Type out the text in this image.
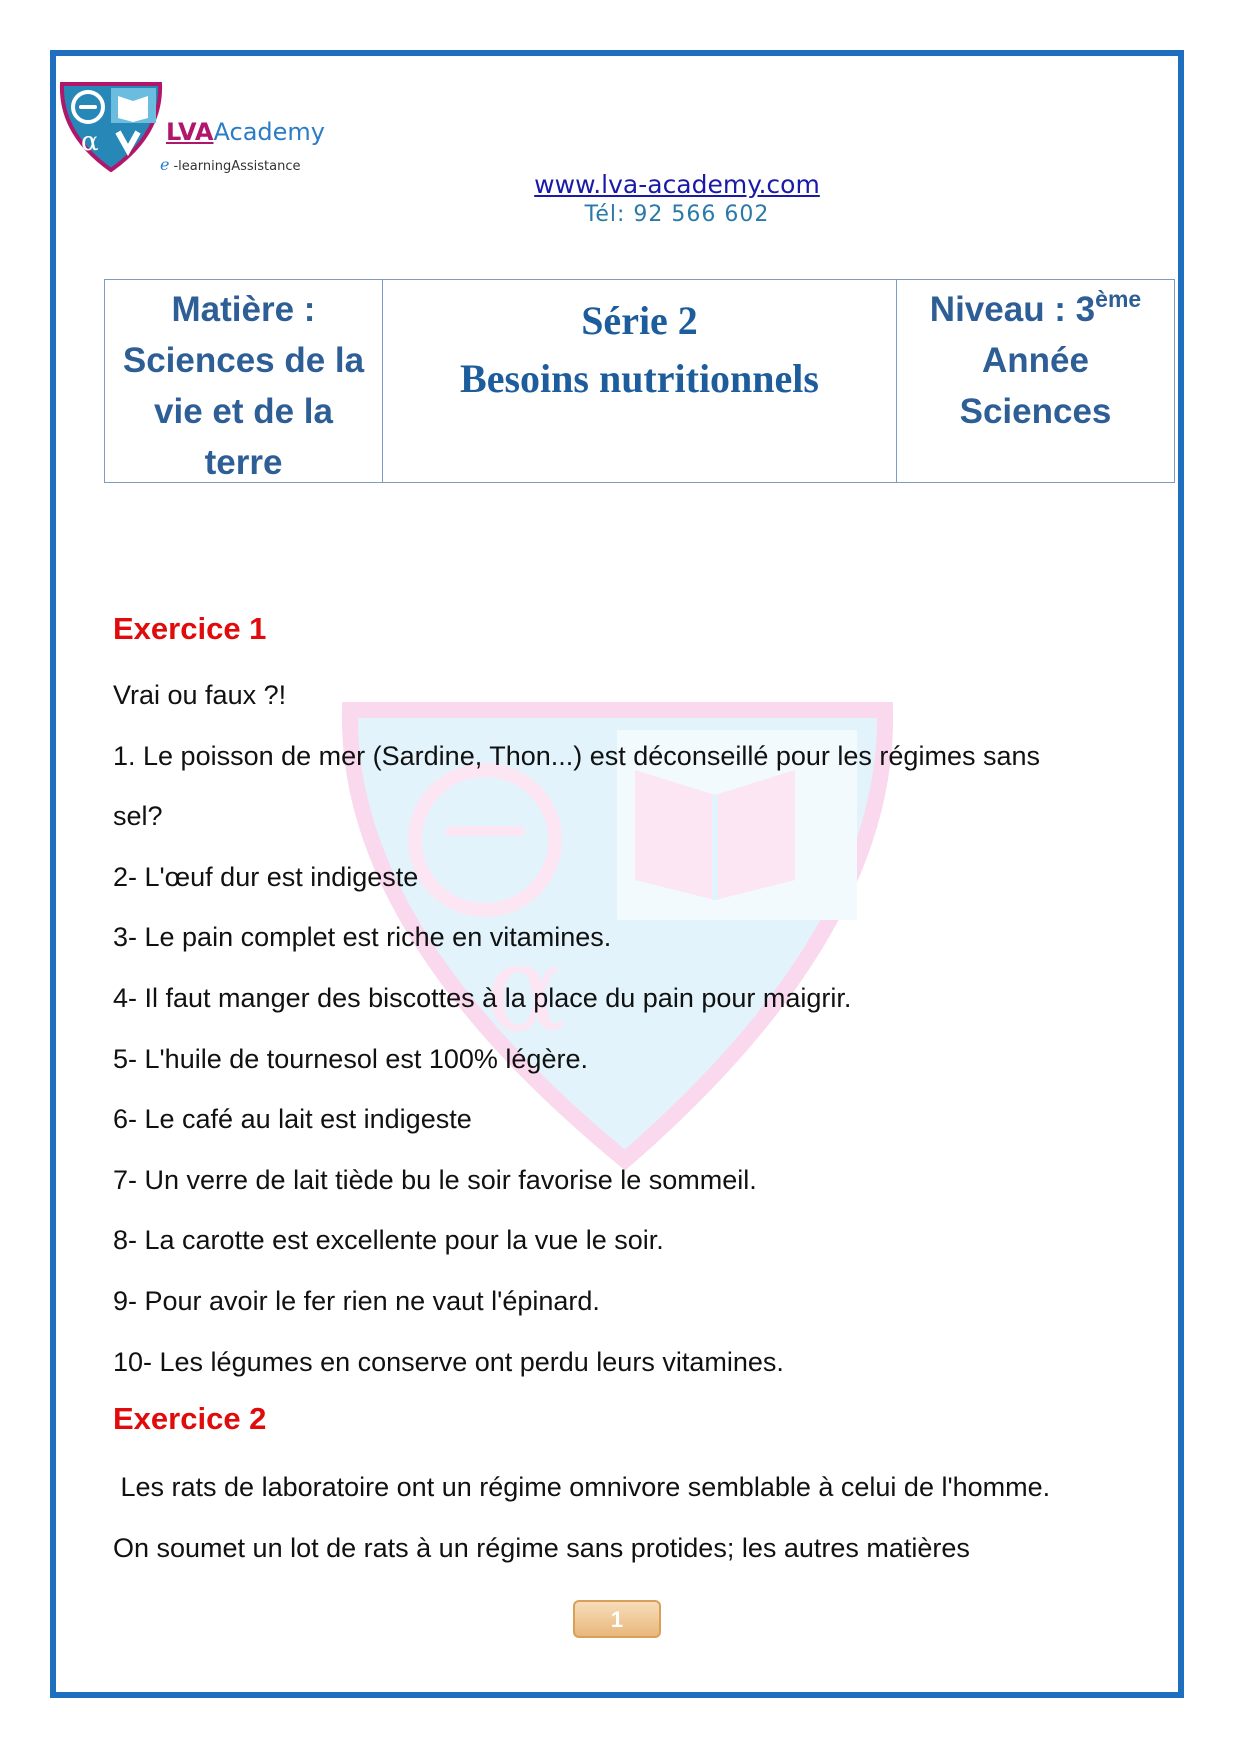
α
α	LVAAcademy
e -learningAssistance
www.lva-academy.com
Tél: 92 566 602
Matière :
Sciences de la
vie et de la
terre
Série 2
Besoins nutritionnels
Niveau : 3ème
Année
Sciences
Exercice 1
Vrai ou faux ?!
1. Le poisson de mer (Sardine, Thon...) est déconseillé pour les régimes sans
sel?
2- L'œuf dur est indigeste
3- Le pain complet est riche en vitamines.
4- Il faut manger des biscottes à la place du pain pour maigrir.
5- L'huile de tournesol est 100% légère.
6- Le café au lait est indigeste
7- Un verre de lait tiède bu le soir favorise le sommeil.
8- La carotte est excellente pour la vue le soir.
9- Pour avoir le fer rien ne vaut l'épinard.
10- Les légumes en conserve ont perdu leurs vitamines.
Exercice 2
Les rats de laboratoire ont un régime omnivore semblable à celui de l'homme.
On soumet un lot de rats à un régime sans protides; les autres matières
1
